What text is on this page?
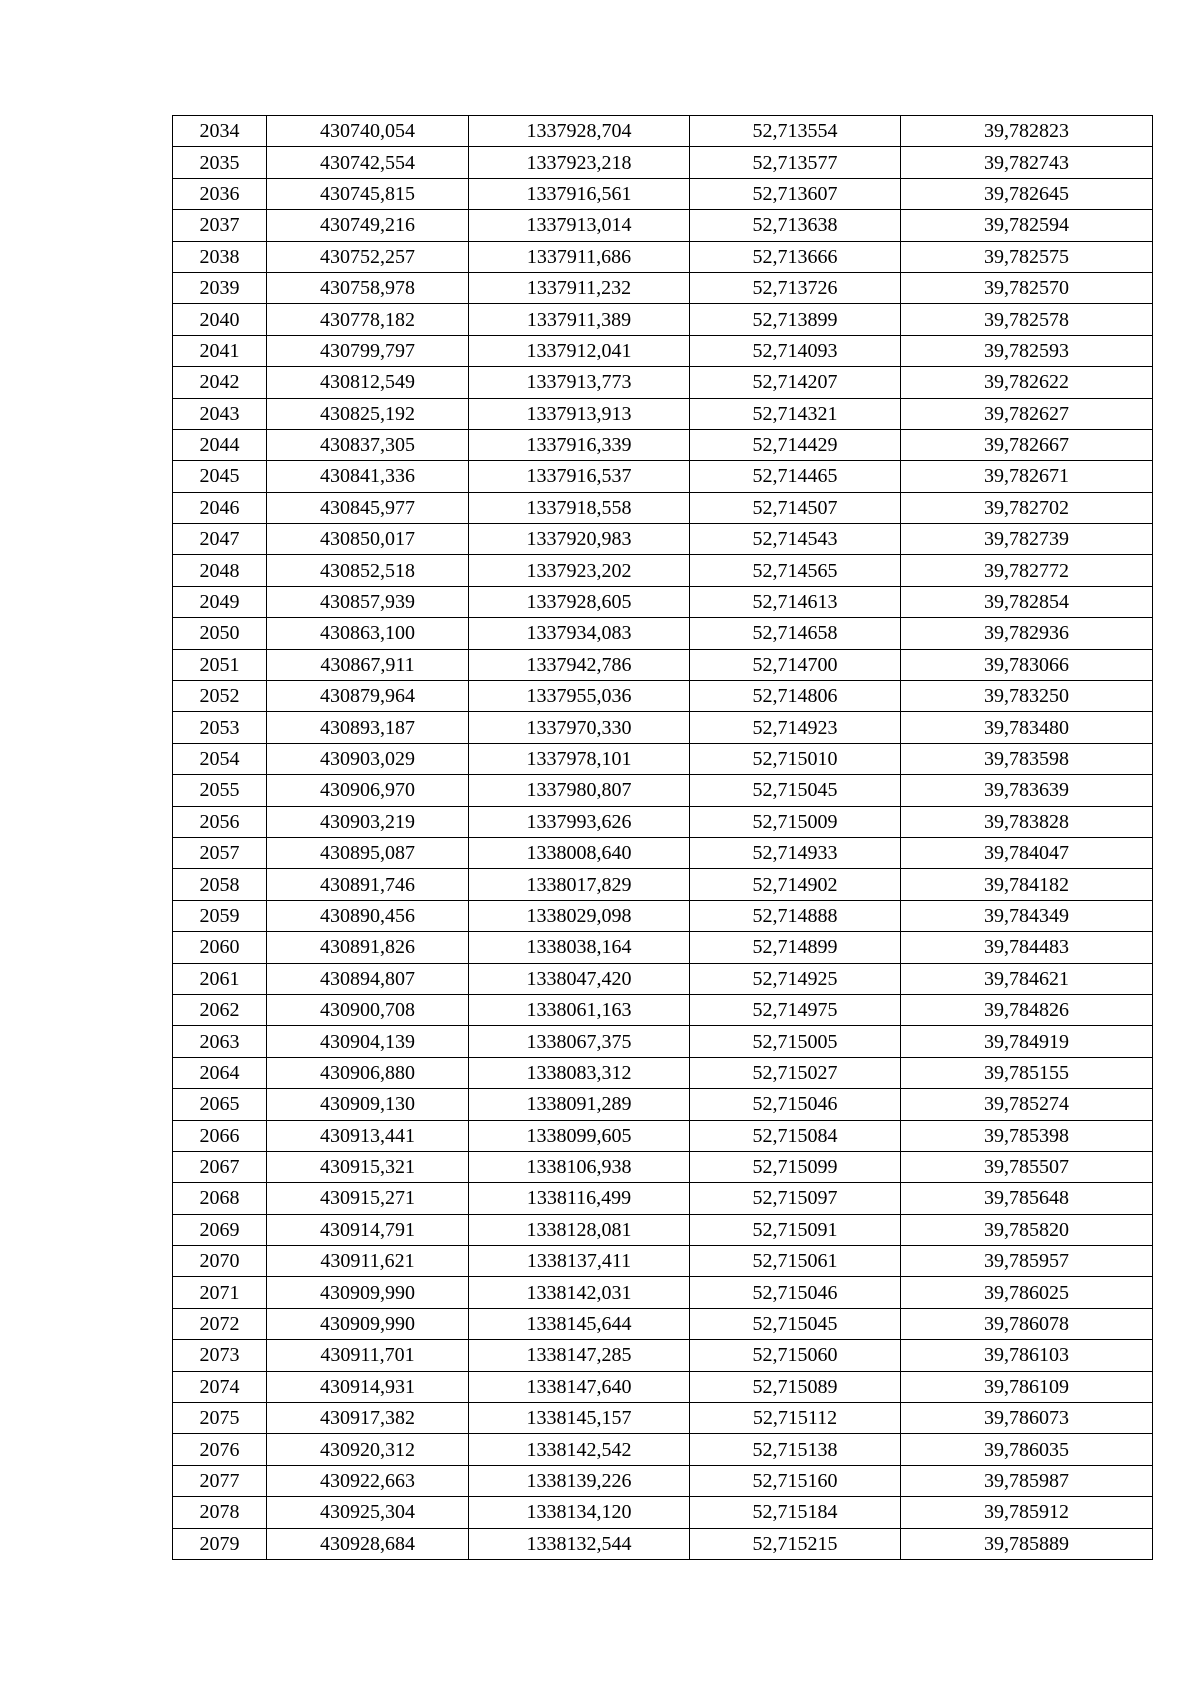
2034	430740,054	1337928,704	52,713554	39,782823
2035	430742,554	1337923,218	52,713577	39,782743
2036	430745,815	1337916,561	52,713607	39,782645
2037	430749,216	1337913,014	52,713638	39,782594
2038	430752,257	1337911,686	52,713666	39,782575
2039	430758,978	1337911,232	52,713726	39,782570
2040	430778,182	1337911,389	52,713899	39,782578
2041	430799,797	1337912,041	52,714093	39,782593
2042	430812,549	1337913,773	52,714207	39,782622
2043	430825,192	1337913,913	52,714321	39,782627
2044	430837,305	1337916,339	52,714429	39,782667
2045	430841,336	1337916,537	52,714465	39,782671
2046	430845,977	1337918,558	52,714507	39,782702
2047	430850,017	1337920,983	52,714543	39,782739
2048	430852,518	1337923,202	52,714565	39,782772
2049	430857,939	1337928,605	52,714613	39,782854
2050	430863,100	1337934,083	52,714658	39,782936
2051	430867,911	1337942,786	52,714700	39,783066
2052	430879,964	1337955,036	52,714806	39,783250
2053	430893,187	1337970,330	52,714923	39,783480
2054	430903,029	1337978,101	52,715010	39,783598
2055	430906,970	1337980,807	52,715045	39,783639
2056	430903,219	1337993,626	52,715009	39,783828
2057	430895,087	1338008,640	52,714933	39,784047
2058	430891,746	1338017,829	52,714902	39,784182
2059	430890,456	1338029,098	52,714888	39,784349
2060	430891,826	1338038,164	52,714899	39,784483
2061	430894,807	1338047,420	52,714925	39,784621
2062	430900,708	1338061,163	52,714975	39,784826
2063	430904,139	1338067,375	52,715005	39,784919
2064	430906,880	1338083,312	52,715027	39,785155
2065	430909,130	1338091,289	52,715046	39,785274
2066	430913,441	1338099,605	52,715084	39,785398
2067	430915,321	1338106,938	52,715099	39,785507
2068	430915,271	1338116,499	52,715097	39,785648
2069	430914,791	1338128,081	52,715091	39,785820
2070	430911,621	1338137,411	52,715061	39,785957
2071	430909,990	1338142,031	52,715046	39,786025
2072	430909,990	1338145,644	52,715045	39,786078
2073	430911,701	1338147,285	52,715060	39,786103
2074	430914,931	1338147,640	52,715089	39,786109
2075	430917,382	1338145,157	52,715112	39,786073
2076	430920,312	1338142,542	52,715138	39,786035
2077	430922,663	1338139,226	52,715160	39,785987
2078	430925,304	1338134,120	52,715184	39,785912
2079	430928,684	1338132,544	52,715215	39,785889
